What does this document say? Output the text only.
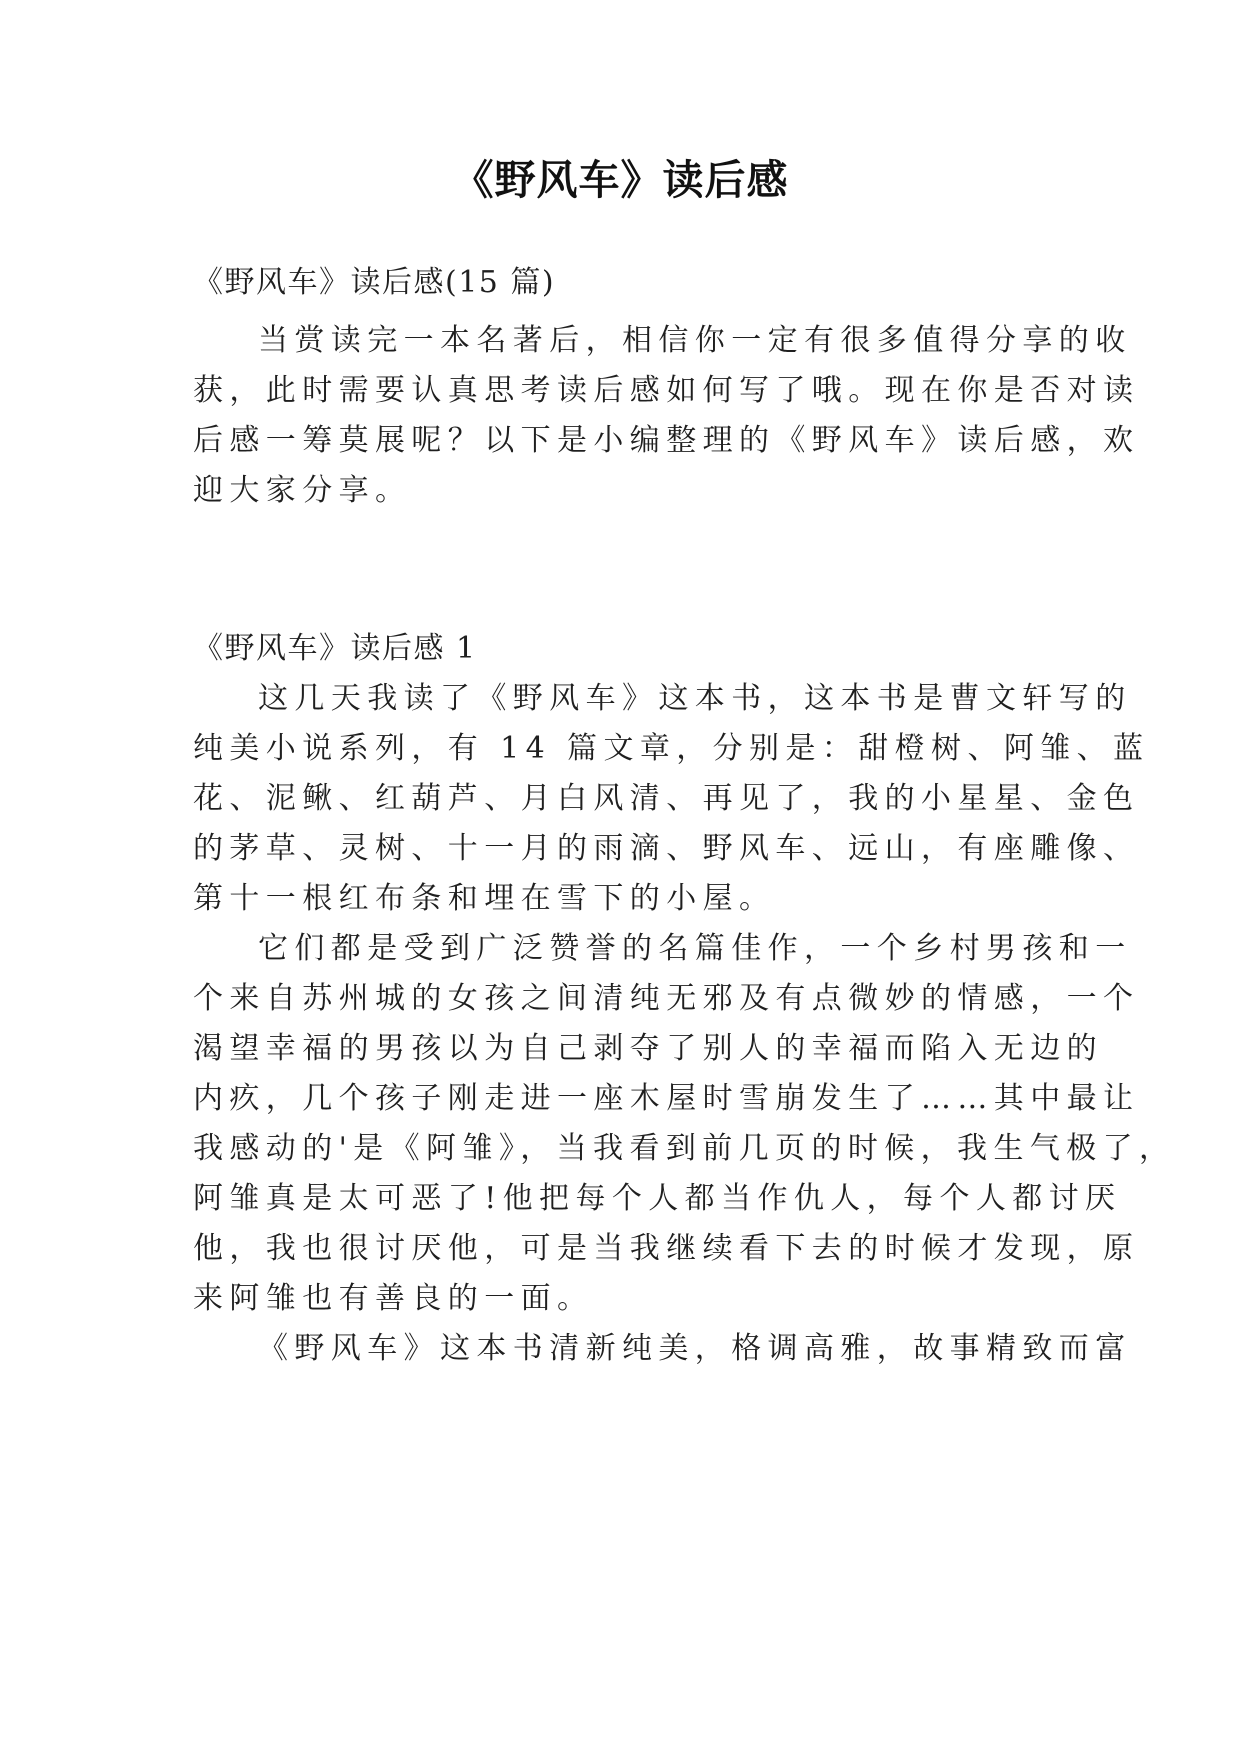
《野风车》读后感
《野风车》读后感(15 篇)
当赏读完一本名著后，相信你一定有很多值得分享的收
获，此时需要认真思考读后感如何写了哦。现在你是否对读
后感一筹莫展呢？以下是小编整理的《野风车》读后感，欢
迎大家分享。
《野风车》读后感 1
这几天我读了《野风车》这本书，这本书是曹文轩写的
纯美小说系列，有 14 篇文章，分别是：甜橙树、阿雏、蓝
花、泥鳅、红葫芦、月白风清、再见了，我的小星星、金色
的茅草、灵树、十一月的雨滴、野风车、远山，有座雕像、
第十一根红布条和埋在雪下的小屋。
它们都是受到广泛赞誉的名篇佳作，一个乡村男孩和一
个来自苏州城的女孩之间清纯无邪及有点微妙的情感，一个
渴望幸福的男孩以为自己剥夺了别人的幸福而陷入无边的
内疚，几个孩子刚走进一座木屋时雪崩发生了……其中最让
我感动的'是《阿雏》，当我看到前几页的时候，我生气极了，
阿雏真是太可恶了!他把每个人都当作仇人，每个人都讨厌
他，我也很讨厌他，可是当我继续看下去的时候才发现，原
来阿雏也有善良的一面。
《野风车》这本书清新纯美，格调高雅，故事精致而富
